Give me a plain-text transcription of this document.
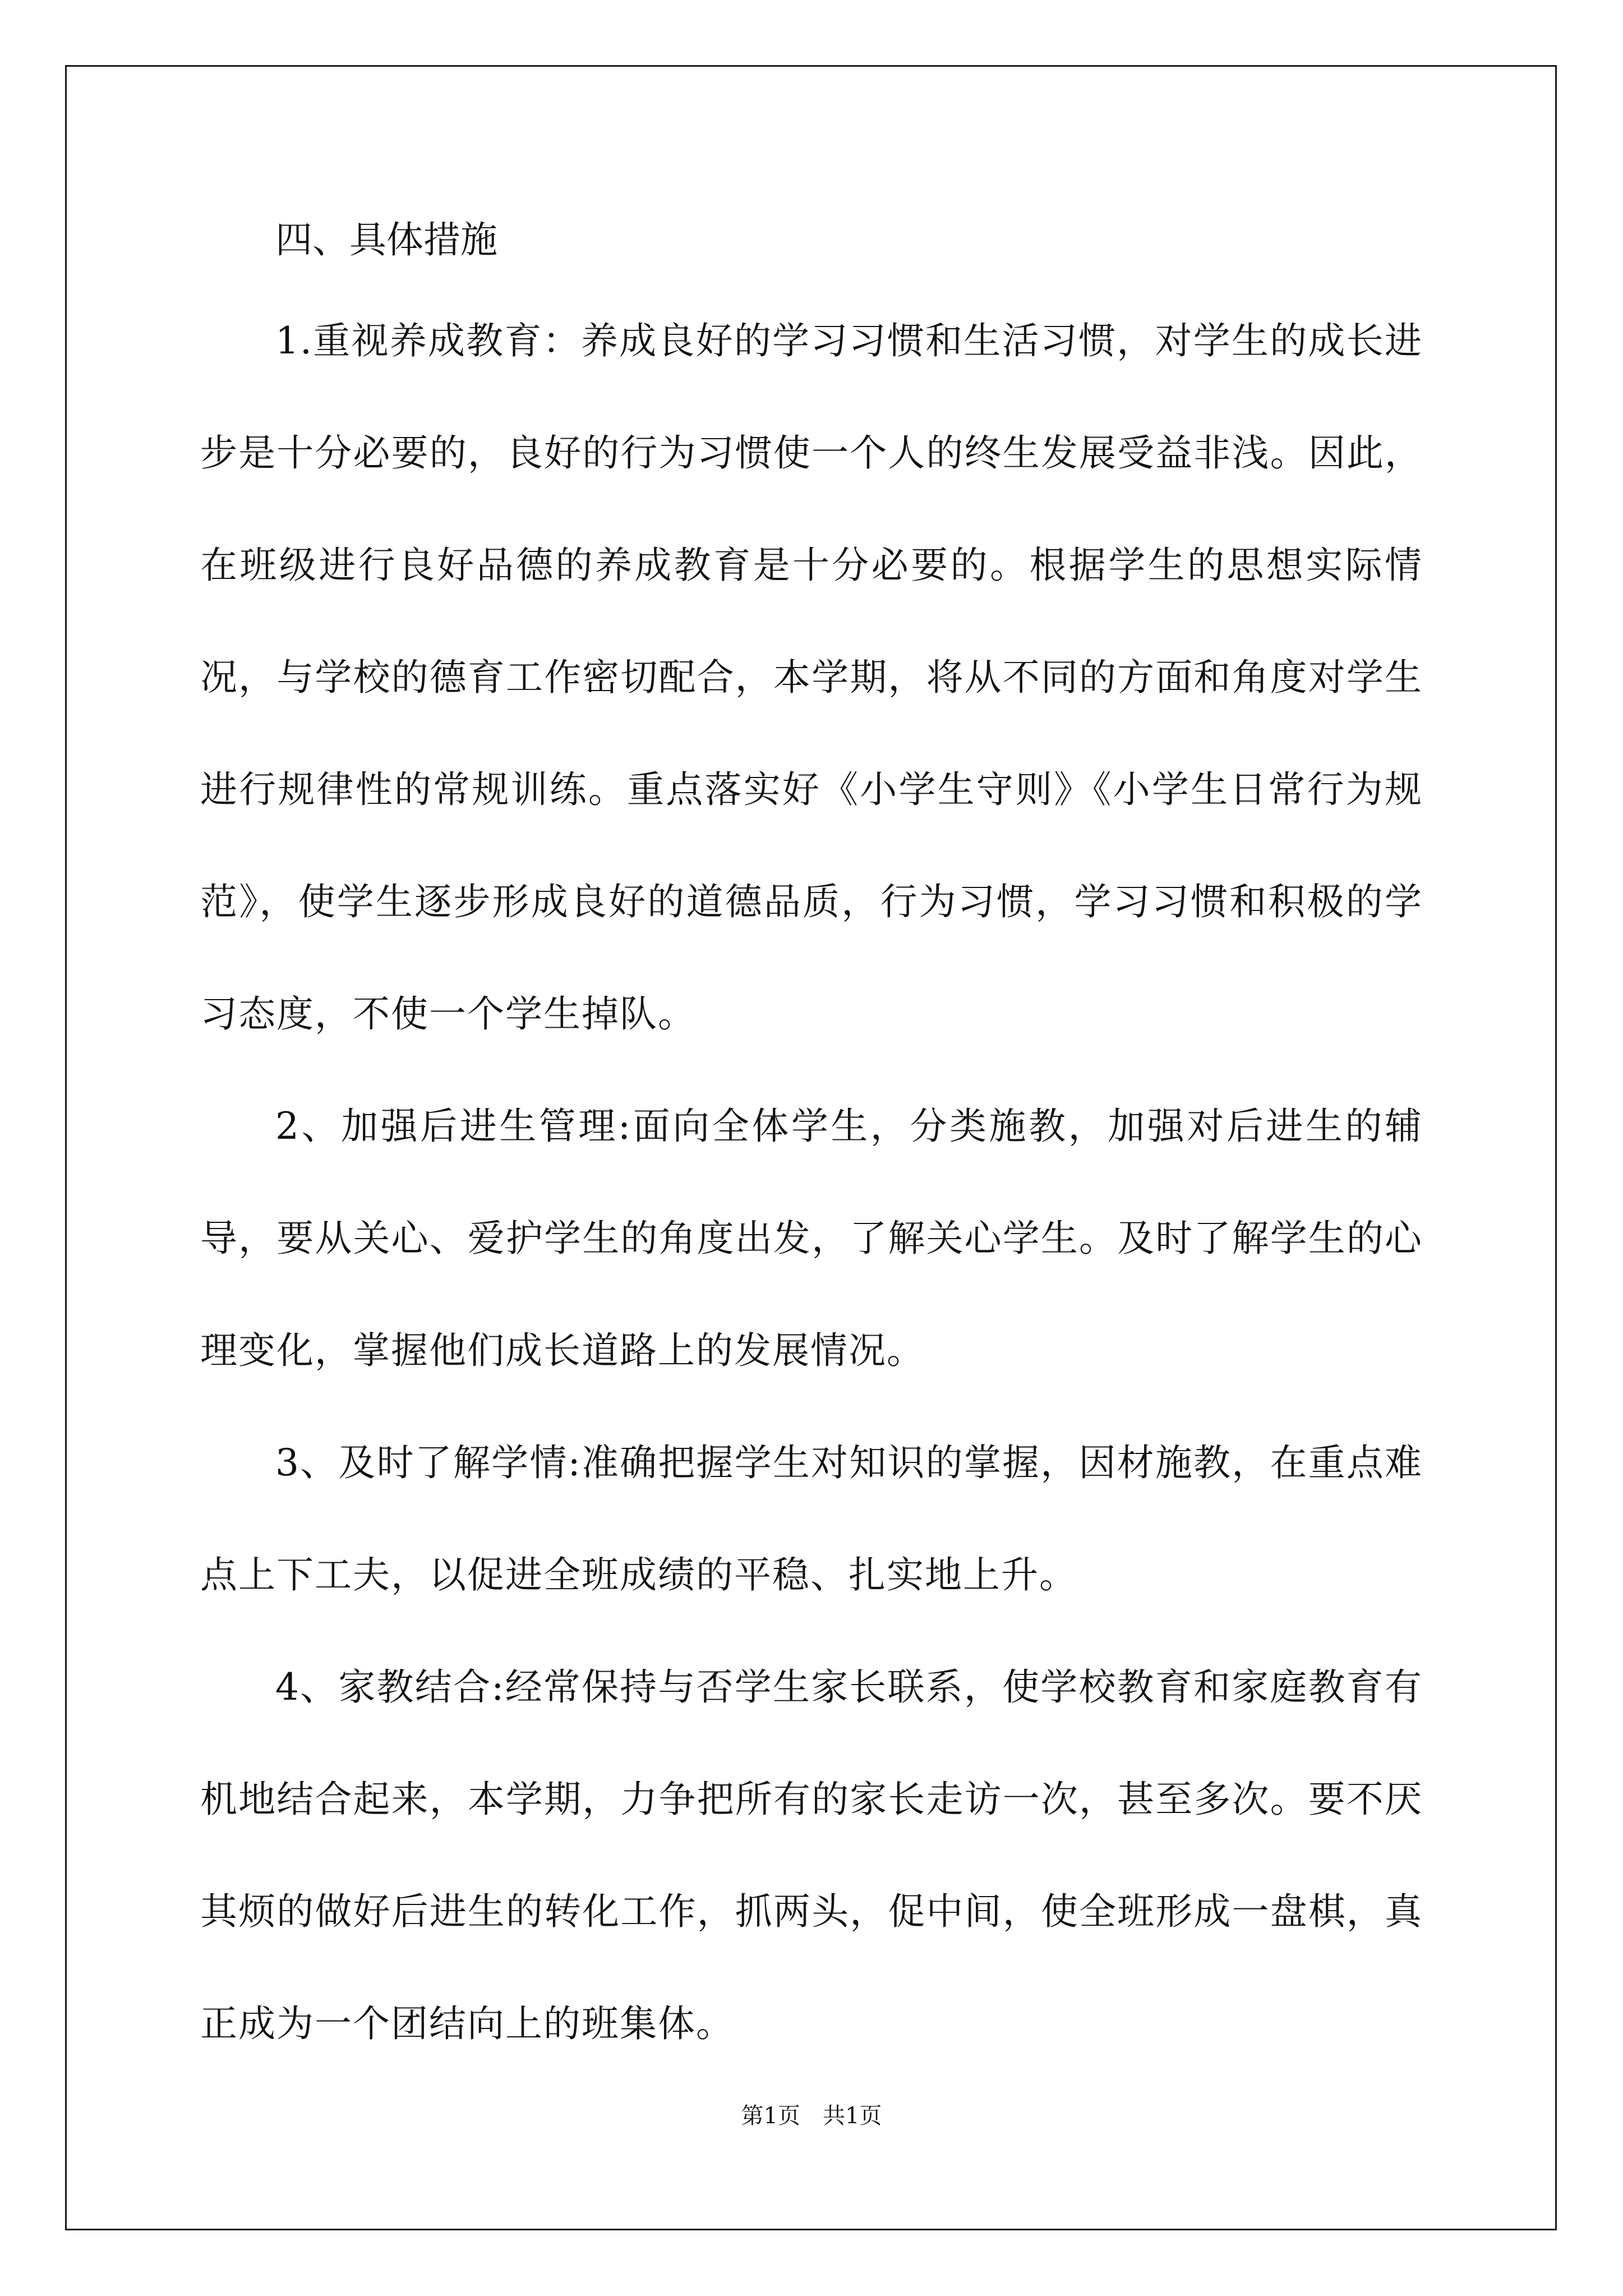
四、具体措施

1.重视养成教育：养成良好的学习习惯和生活习惯，对学生的成长进步是十分必要的，良好的行为习惯使一个人的终生发展受益非浅。因此，在班级进行良好品德的养成教育是十分必要的。根据学生的思想实际情况，与学校的德育工作密切配合，本学期，将从不同的方面和角度对学生进行规律性的常规训练。重点落实好《小学生守则》《小学生日常行为规范》，使学生逐步形成良好的道德品质，行为习惯，学习习惯和积极的学习态度，不使一个学生掉队。

2、加强后进生管理:面向全体学生，分类施教，加强对后进生的辅导，要从关心、爱护学生的角度出发，了解关心学生。及时了解学生的心理变化，掌握他们成长道路上的发展情况。

3、及时了解学情:准确把握学生对知识的掌握，因材施教，在重点难点上下工夫，以促进全班成绩的平稳、扎实地上升。

4、家教结合:经常保持与否学生家长联系，使学校教育和家庭教育有机地结合起来，本学期，力争把所有的家长走访一次，甚至多次。要不厌其烦的做好后进生的转化工作，抓两头，促中间，使全班形成一盘棋，真正成为一个团结向上的班集体。

第1页　共1页
